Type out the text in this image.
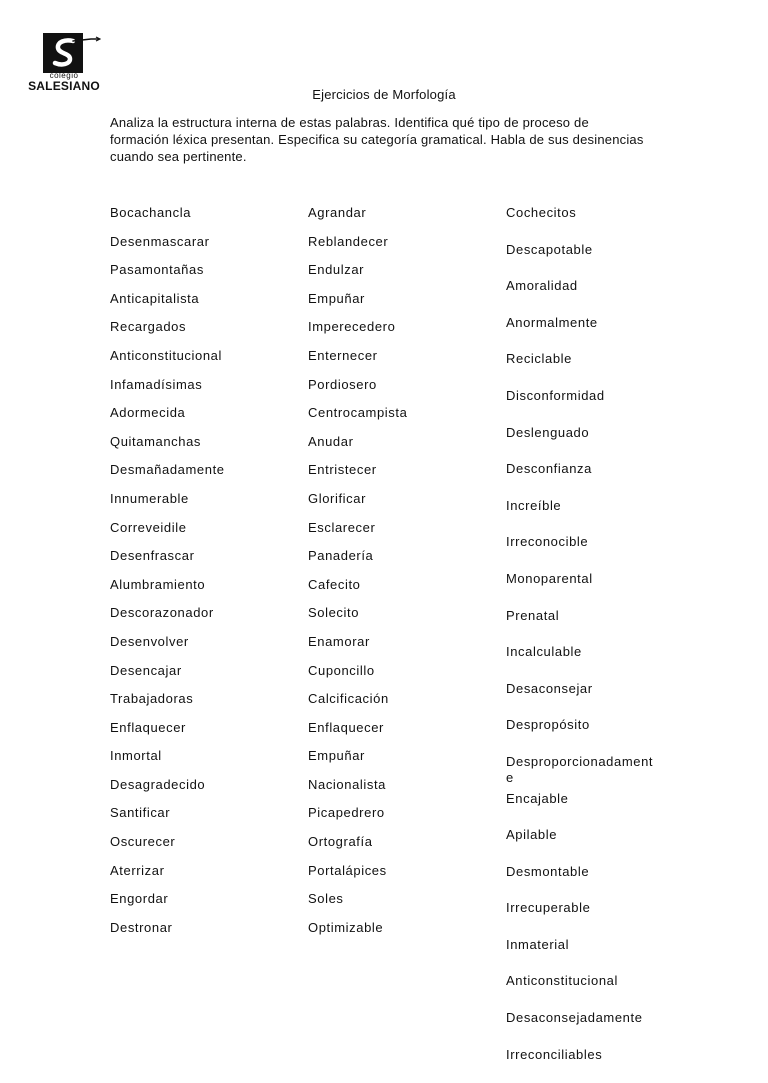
colegio
SALESIANO
Ejercicios de Morfología
Analiza la estructura interna de estas palabras. Identifica qué tipo de proceso de formación léxica presentan. Especifica su categoría gramatical. Habla de sus desinencias cuando sea pertinente.
Bocachancla
Desenmascarar
Pasamontañas
Anticapitalista
Recargados
Anticonstitucional
Infamadísimas
Adormecida
Quitamanchas
Desmañadamente
Innumerable
Correveidile
Desenfrascar
Alumbramiento
Descorazonador
Desenvolver
Desencajar
Trabajadoras
Enflaquecer
Inmortal
Desagradecido
Santificar
Oscurecer
Aterrizar
Engordar
Destronar
Agrandar
Reblandecer
Endulzar
Empuñar
Imperecedero
Enternecer
Pordiosero
Centrocampista
Anudar
Entristecer
Glorificar
Esclarecer
Panadería
Cafecito
Solecito
Enamorar
Cuponcillo
Calcificación
Enflaquecer
Empuñar
Nacionalista
Picapedrero
Ortografía
Portalápices
Soles
Optimizable
Cochecitos
Descapotable
Amoralidad
Anormalmente
Reciclable
Disconformidad
Deslenguado
Desconfianza
Increíble
Irreconocible
Monoparental
Prenatal
Incalculable
Desaconsejar
Despropósito
Desproporcionadamente
Encajable
Apilable
Desmontable
Irrecuperable
Inmaterial
Anticonstitucional
Desaconsejadamente
Irreconciliables
